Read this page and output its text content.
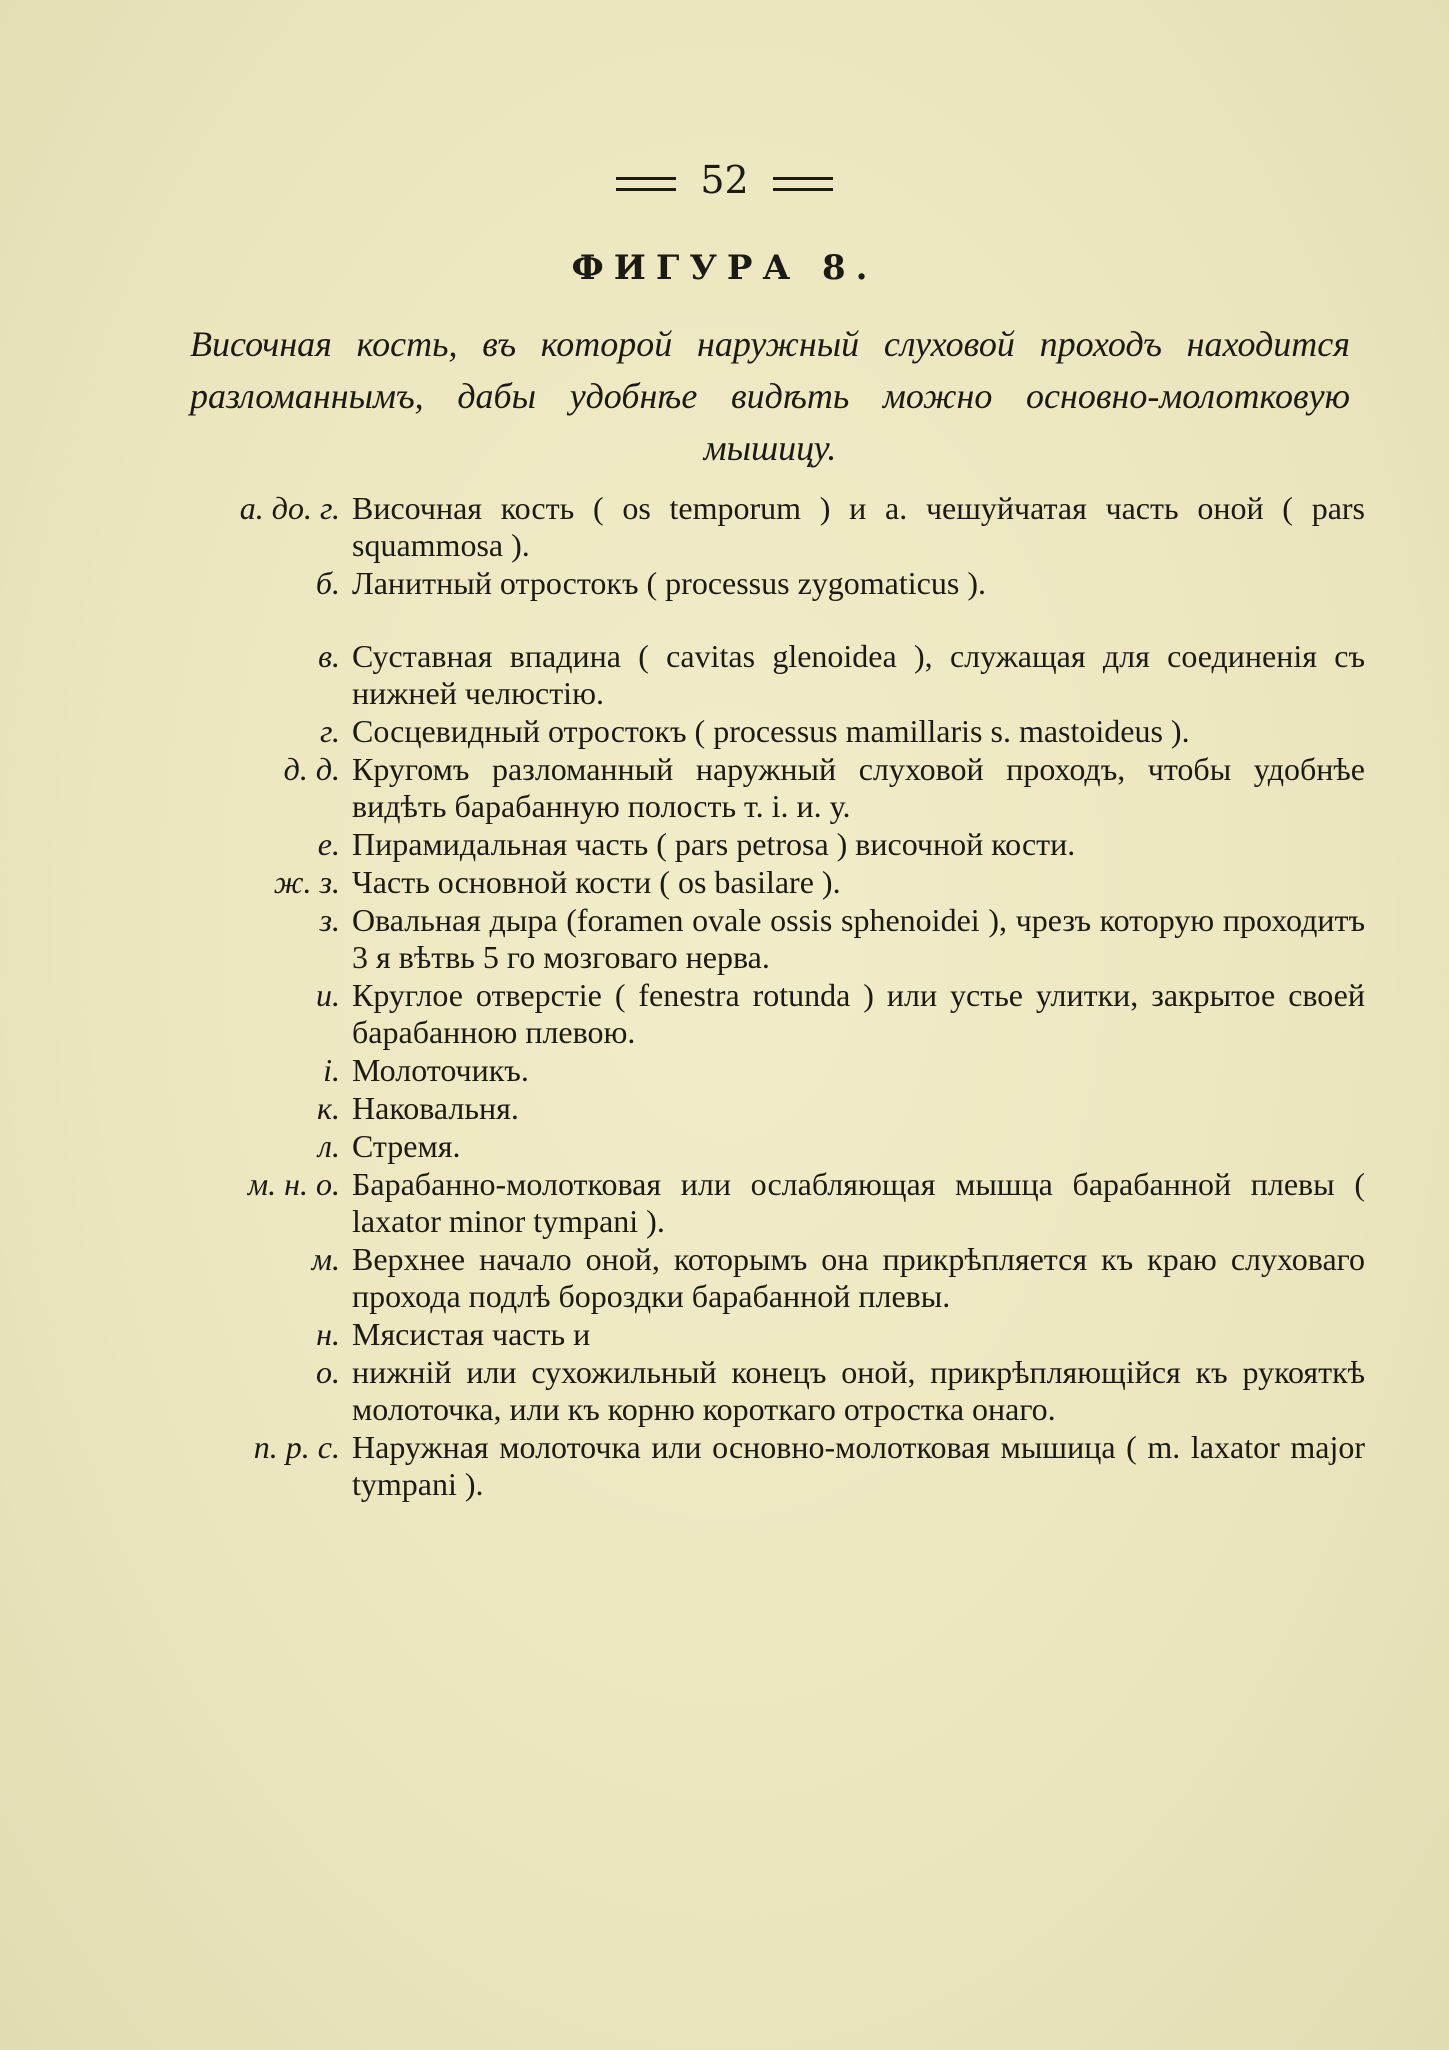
52
ФИГУРА 8.
Височная кость, въ которой наружный слуховой проходъ находится разломаннымъ, дабы удобнѣе видѣть можно основно-молотковую мышицу.
а. до. г. Височная кость ( os temporum ) и а. чешуйчатая часть оной ( pars squammosa ).
б. Ланитный отростокъ ( processus zygomaticus ).
в. Суставная впадина ( cavitas glenoidea ), служащая для соединенія съ нижней челюстію.
г. Сосцевидный отростокъ ( processus mamillaris s. mastoideus ).
д. д. Кругомъ разломанный наружный слуховой проходъ, чтобы удобнѣе видѣть барабанную полость т. і. и. у.
е. Пирамидальная часть ( pars petrosa ) височной кости.
ж. з. Часть основной кости ( os basilare ).
з. Овальная дыра (foramen ovale ossis sphenoidei ), чрезъ которую проходитъ 3 я вѣтвь 5 го мозговаго нерва.
и. Круглое отверстіе ( fenestra rotunda ) или устье улитки, закрытое своей барабанною плевою.
і. Молоточикъ.
к. Наковальня.
л. Стремя.
м. н. о. Барабанно-молотковая или ослабляющая мышца барабанной плевы ( laxator minor tympani ).
м. Верхнее начало оной, которымъ она прикрѣпляется къ краю слуховаго прохода подлѣ бороздки барабанной плевы.
н. Мясистая часть и
о. нижній или сухожильный конецъ оной, прикрѣпляющійся къ рукояткѣ молоточка, или къ корню короткаго отростка онаго.
п. р. с. Наружная молоточка или основно-молотковая мышица ( m. laxator major tympani ).
